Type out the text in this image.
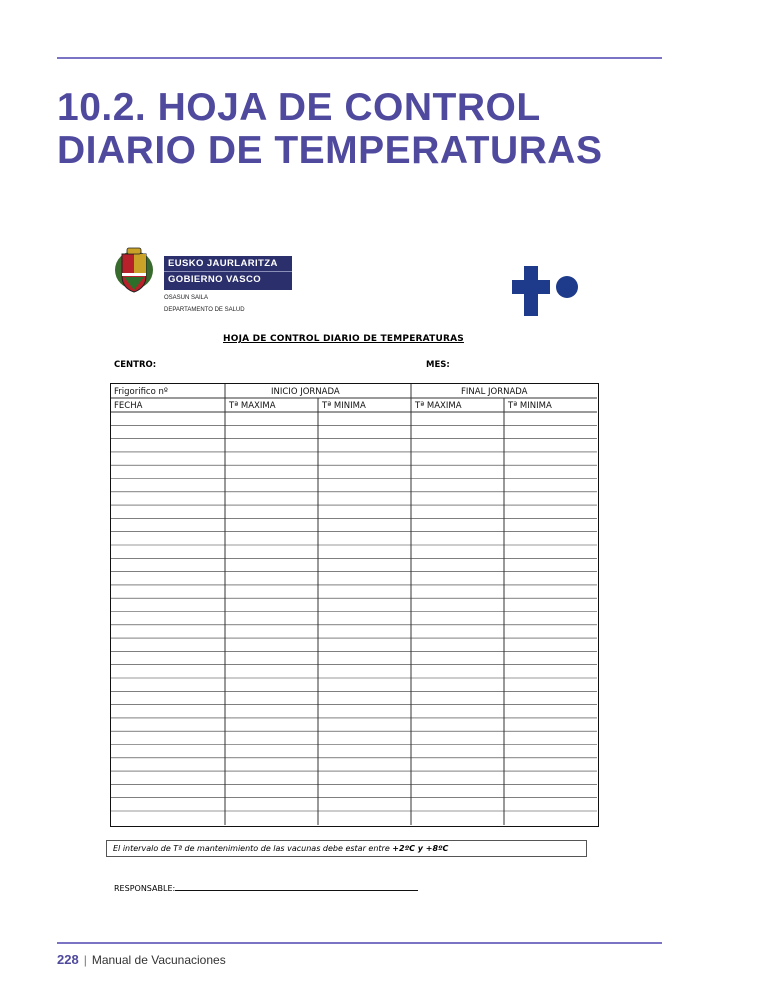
10.2. HOJA DE CONTROL
DIARIO DE TEMPERATURAS
EUSKO JAURLARITZA
GOBIERNO VASCO
OSASUN SAILA
DEPARTAMENTO DE SALUD
HOJA DE CONTROL DIARIO DE TEMPERATURAS
CENTRO:	MES:
Frigorifico nº	INICIO JORNADA	FINAL JORNADA
FECHA	Tª MAXIMA	Tª MINIMA	Tª MAXIMA	Tª MINIMA
El intervalo de Tª de mantenimiento de las vacunas debe estar entre +2ºC y +8ºC
RESPONSABLE:
228 | Manual de Vacunaciones
